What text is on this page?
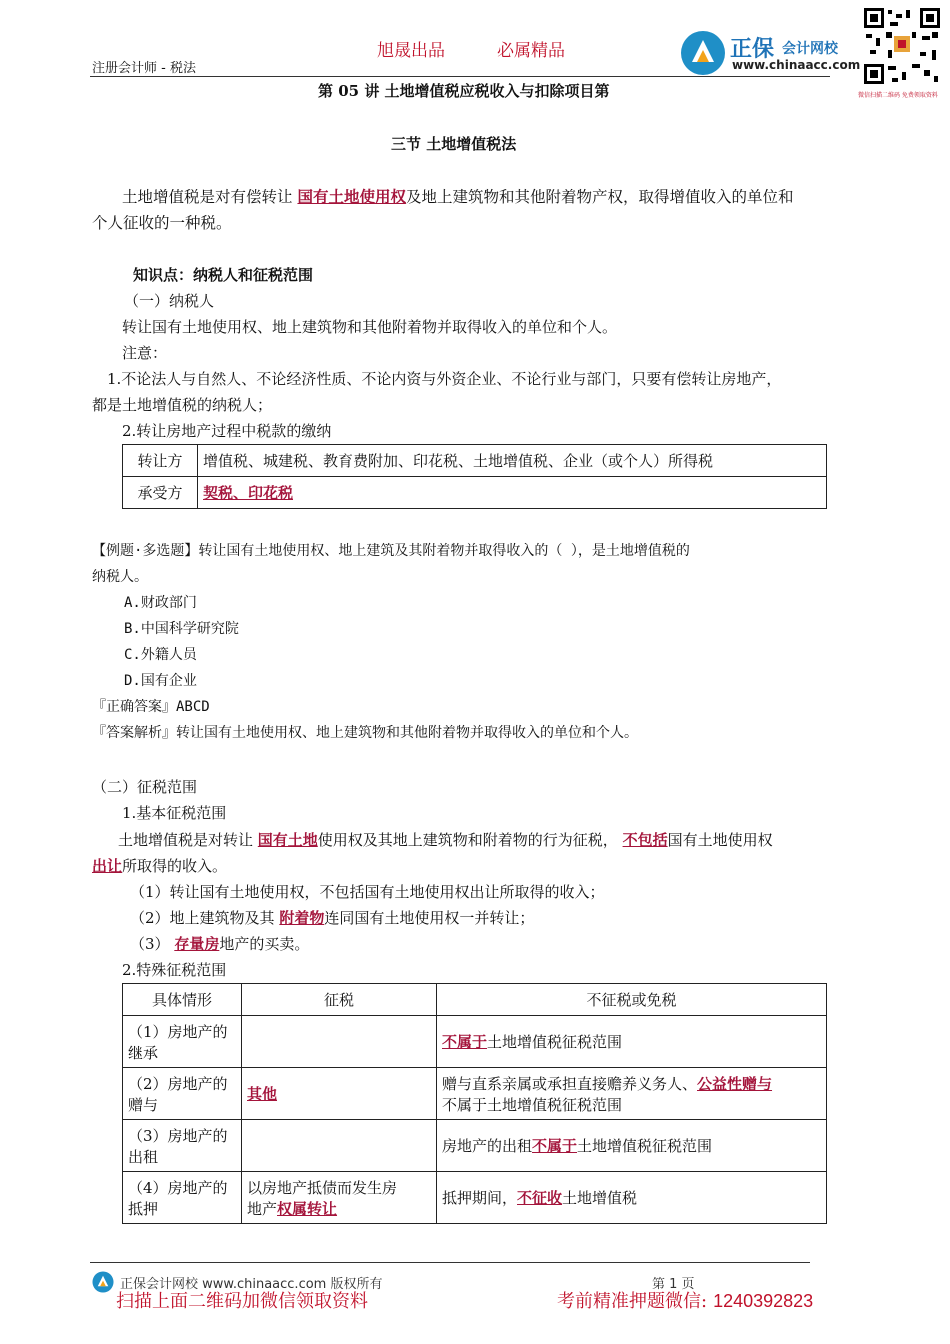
注册会计师 - 税法
旭晟出品	必属精品	正保 会计网校
www.chinaacc.com
微信扫描二维码 免费领取资料
第 05 讲 土地增值税应税收入与扣除项目第
三节 土地增值税法

土地增值税是对有偿转让 国有土地使用权及地上建筑物和其他附着物产权，取得增值收入的单位和

个人征收的一种税。

知识点：纳税人和征税范围
（一）纳税人
转让国有土地使用权、地上建筑物和其他附着物并取得收入的单位和个人。
注意：
1.不论法人与自然人、不论经济性质、不论内资与外资企业、不论行业与部门，只要有偿转让房地产，
都是土地增值税的纳税人；
2.转让房地产过程中税款的缴纳
转让方	增值税、城建税、教育费附加、印花税、土地增值税、企业（或个人）所得税
承受方	契税、印花税
【例题·多选题】转让国有土地使用权、地上建筑及其附着物并取得收入的（ ），是土地增值税的
纳税人。
A.财政部门
B.中国科学研究院
C.外籍人员
D.国有企业
『正确答案』ABCD
『答案解析』转让国有土地使用权、地上建筑物和其他附着物并取得收入的单位和个人。
（二）征税范围
1.基本征税范围

土地增值税是对转让 国有土地使用权及其地上建筑物和附着物的行为征税， 不包括国有土地使用权

出让所取得的收入。

（1）转让国有土地使用权，不包括国有土地使用权出让所取得的收入；

（2）地上建筑物及其 附着物连同国有土地使用权一并转让；

（3） 存量房地产的买卖。

2.特殊征税范围
具体情形	征税	不征税或免税
（1）房地产的继承		不属于土地增值税征税范围
（2）房地产的赠与	其他	赠与直系亲属或承担直接赡养义务人、公益性赠与
不属于土地增值税征税范围
（3）房地产的出租		房地产的出租不属于土地增值税征税范围
（4）房地产的抵押	以房地产抵债而发生房
地产权属转让	抵押期间，不征收土地增值税
正保会计网校 www.chinaacc.com 版权所有	第 1 页
扫描上面二维码加微信领取资料	考前精准押题微信: 1240392823
